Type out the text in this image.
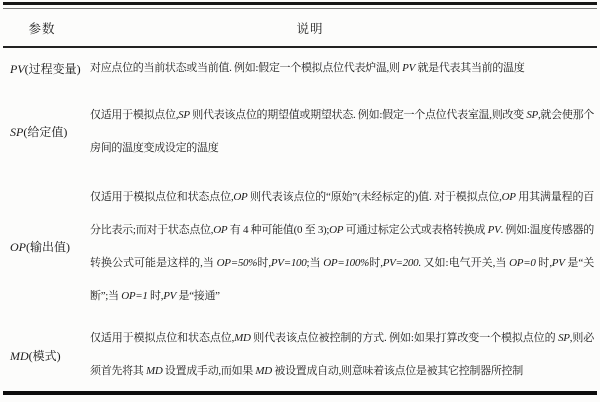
参数	说明
PV(过程变量) 对应点位的当前状态或当前值. 例如:假定一个模拟点位代表炉温,则 PV 就是代表其当前的温度
SP(给定值)
仅适用于模拟点位,SP 则代表该点位的期望值或期望状态. 例如:假定一个点位代表室温,则改变 SP,就会使那个房间的温度变成设定的温度
OP(输出值)
仅适用于模拟点位和状态点位,OP 则代表该点位的“原始”(未经标定的)值. 对于模拟点位,OP 用其满量程的百分比表示;而对于状态点位,OP 有 4 种可能值(0 至 3);OP 可通过标定公式或表格转换成 PV. 例如:温度传感器的转换公式可能是这样的,当 OP=50%时,PV=100;当 OP=100%时,PV=200. 又如:电气开关,当 OP=0 时,PV 是“关断”;当 OP=1 时,PV 是“接通”
MD(模式)
仅适用于模拟点位和状态点位,MD 则代表该点位被控制的方式. 例如:如果打算改变一个模拟点位的 SP,则必须首先将其 MD 设置成手动,而如果 MD 被设置成自动,则意味着该点位是被其它控制器所控制
